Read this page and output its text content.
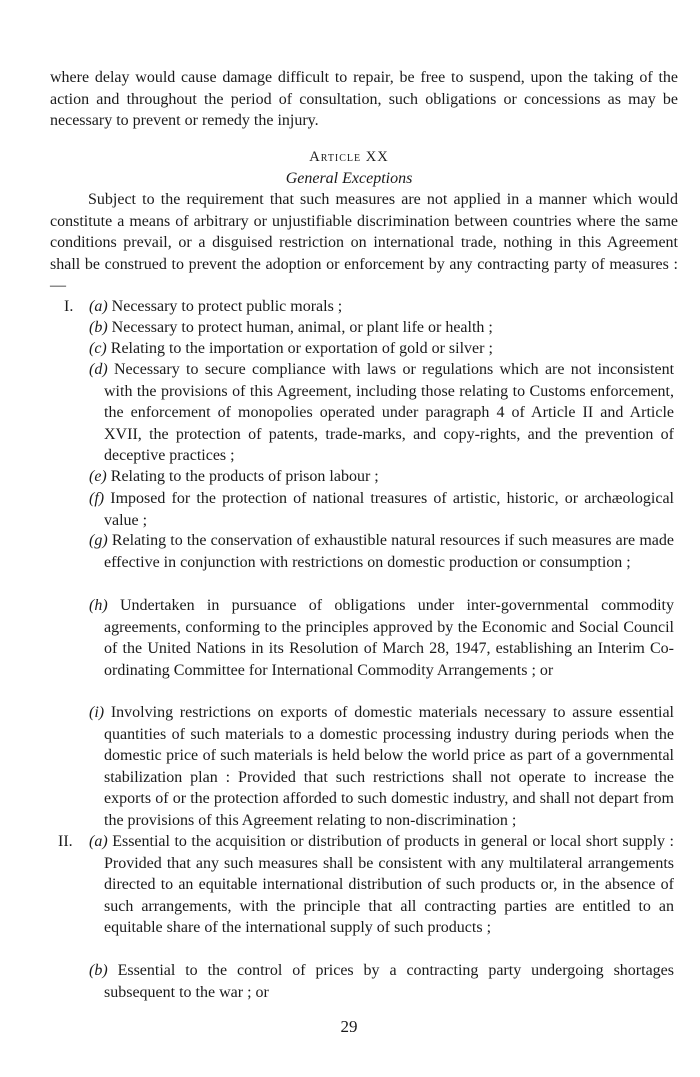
where delay would cause damage difficult to repair, be free to suspend, upon the taking of the action and throughout the period of consultation, such obligations or concessions as may be necessary to prevent or remedy the injury.

Article XX
General Exceptions

Subject to the requirement that such measures are not applied in a manner which would constitute a means of arbitrary or unjustifiable discrimination between countries where the same conditions prevail, or a disguised restriction on international trade, nothing in this Agreement shall be construed to prevent the adoption or enforcement by any contracting party of measures :—

I. (a) Necessary to protect public morals ;

(b) Necessary to protect human, animal, or plant life or health ;

(c) Relating to the importation or exportation of gold or silver ;

(d) Necessary to secure compliance with laws or regulations which are not inconsistent with the provisions of this Agreement, including those relating to Customs enforcement, the enforcement of monopolies operated under paragraph 4 of Article II and Article XVII, the protection of patents, trade-marks, and copy-rights, and the prevention of deceptive practices ;

(e) Relating to the products of prison labour ;

(f) Imposed for the protection of national treasures of artistic, historic, or archæological value ;

(g) Relating to the conservation of exhaustible natural resources if such measures are made effective in conjunction with restrictions on domestic production or consumption ;

(h) Undertaken in pursuance of obligations under inter-governmental commodity agreements, conforming to the principles approved by the Economic and Social Council of the United Nations in its Resolution of March 28, 1947, establishing an Interim Co-ordinating Committee for International Commodity Arrangements ; or

(i) Involving restrictions on exports of domestic materials necessary to assure essential quantities of such materials to a domestic processing industry during periods when the domestic price of such materials is held below the world price as part of a governmental stabilization plan : Provided that such restrictions shall not operate to increase the exports of or the protection afforded to such domestic industry, and shall not depart from the provisions of this Agreement relating to non-discrimination ;

II. (a) Essential to the acquisition or distribution of products in general or local short supply : Provided that any such measures shall be consistent with any multilateral arrangements directed to an equitable international distribution of such products or, in the absence of such arrangements, with the principle that all contracting parties are entitled to an equitable share of the international supply of such products ;

(b) Essential to the control of prices by a contracting party undergoing shortages subsequent to the war ; or

29
